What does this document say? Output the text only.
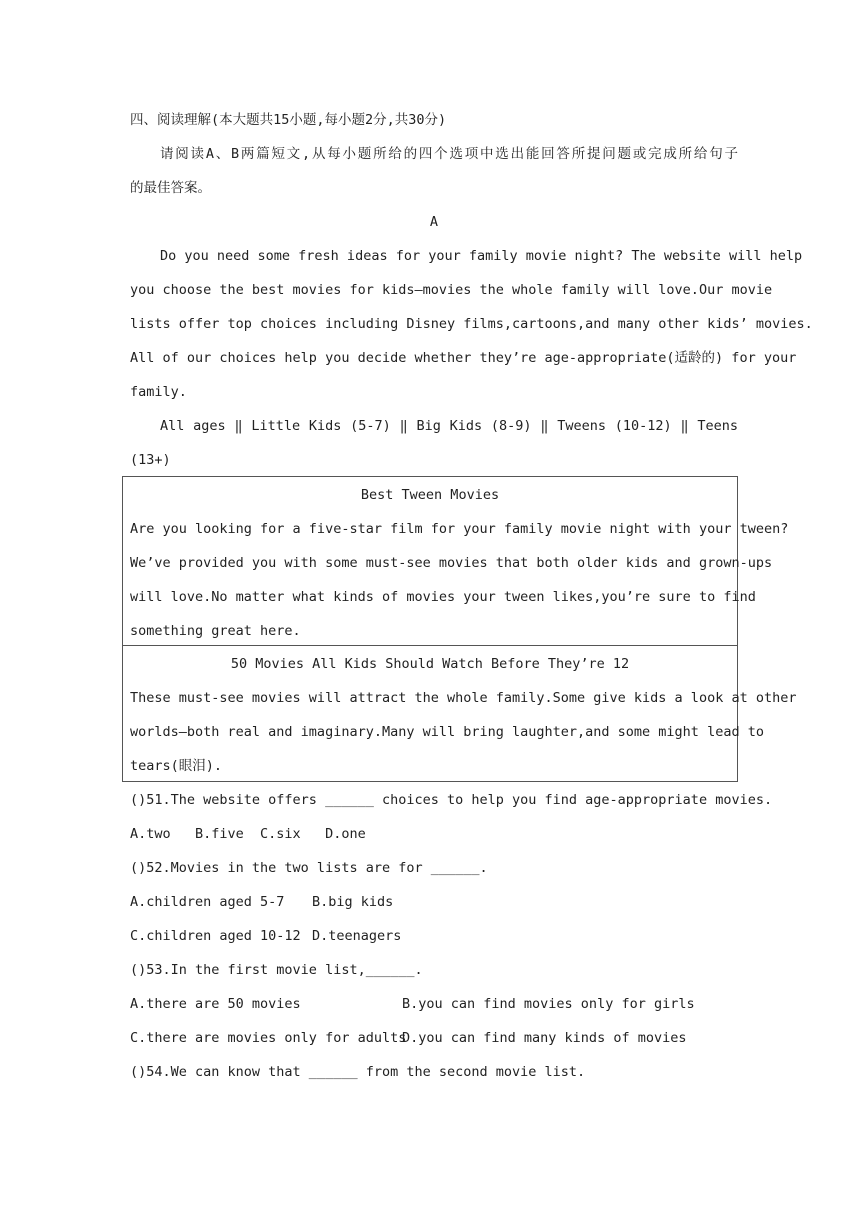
四、阅读理解(本大题共15小题,每小题2分,共30分)
请阅读A、B两篇短文,从每小题所给的四个选项中选出能回答所提问题或完成所给句子
的最佳答案。
A
Do you need some fresh ideas for your family movie night? The website will help
you choose the best movies for kids—movies the whole family will love.Our movie
lists offer top choices including Disney films,cartoons,and many other kids’ movies.
All of our choices help you decide whether they’re age-appropriate(适龄的) for your
family.
All ages ‖ Little Kids (5-7) ‖ Big Kids (8-9) ‖ Tweens (10-12) ‖ Teens
(13+)
Best Tween Movies
Are you looking for a five-star film for your family movie night with your tween?
We’ve provided you with some must-see movies that both older kids and grown-ups
will love.No matter what kinds of movies your tween likes,you’re sure to find
something great here.
50 Movies All Kids Should Watch Before They’re 12
These must-see movies will attract the whole family.Some give kids a look at other
worlds—both real and imaginary.Many will bring laughter,and some might lead to
tears(眼泪).
()51.The website offers ______ choices to help you find age-appropriate movies.
A.two   B.five  C.six   D.one
()52.Movies in the two lists are for ______.
A.children aged 5-7 B.big kids
C.children aged 10-12 D.teenagers
()53.In the first movie list,______.
A.there are 50 movies	B.you can find movies only for girls
C.there are movies only for adults
D.you can find many kinds of movies
()54.We can know that ______ from the second movie list.
